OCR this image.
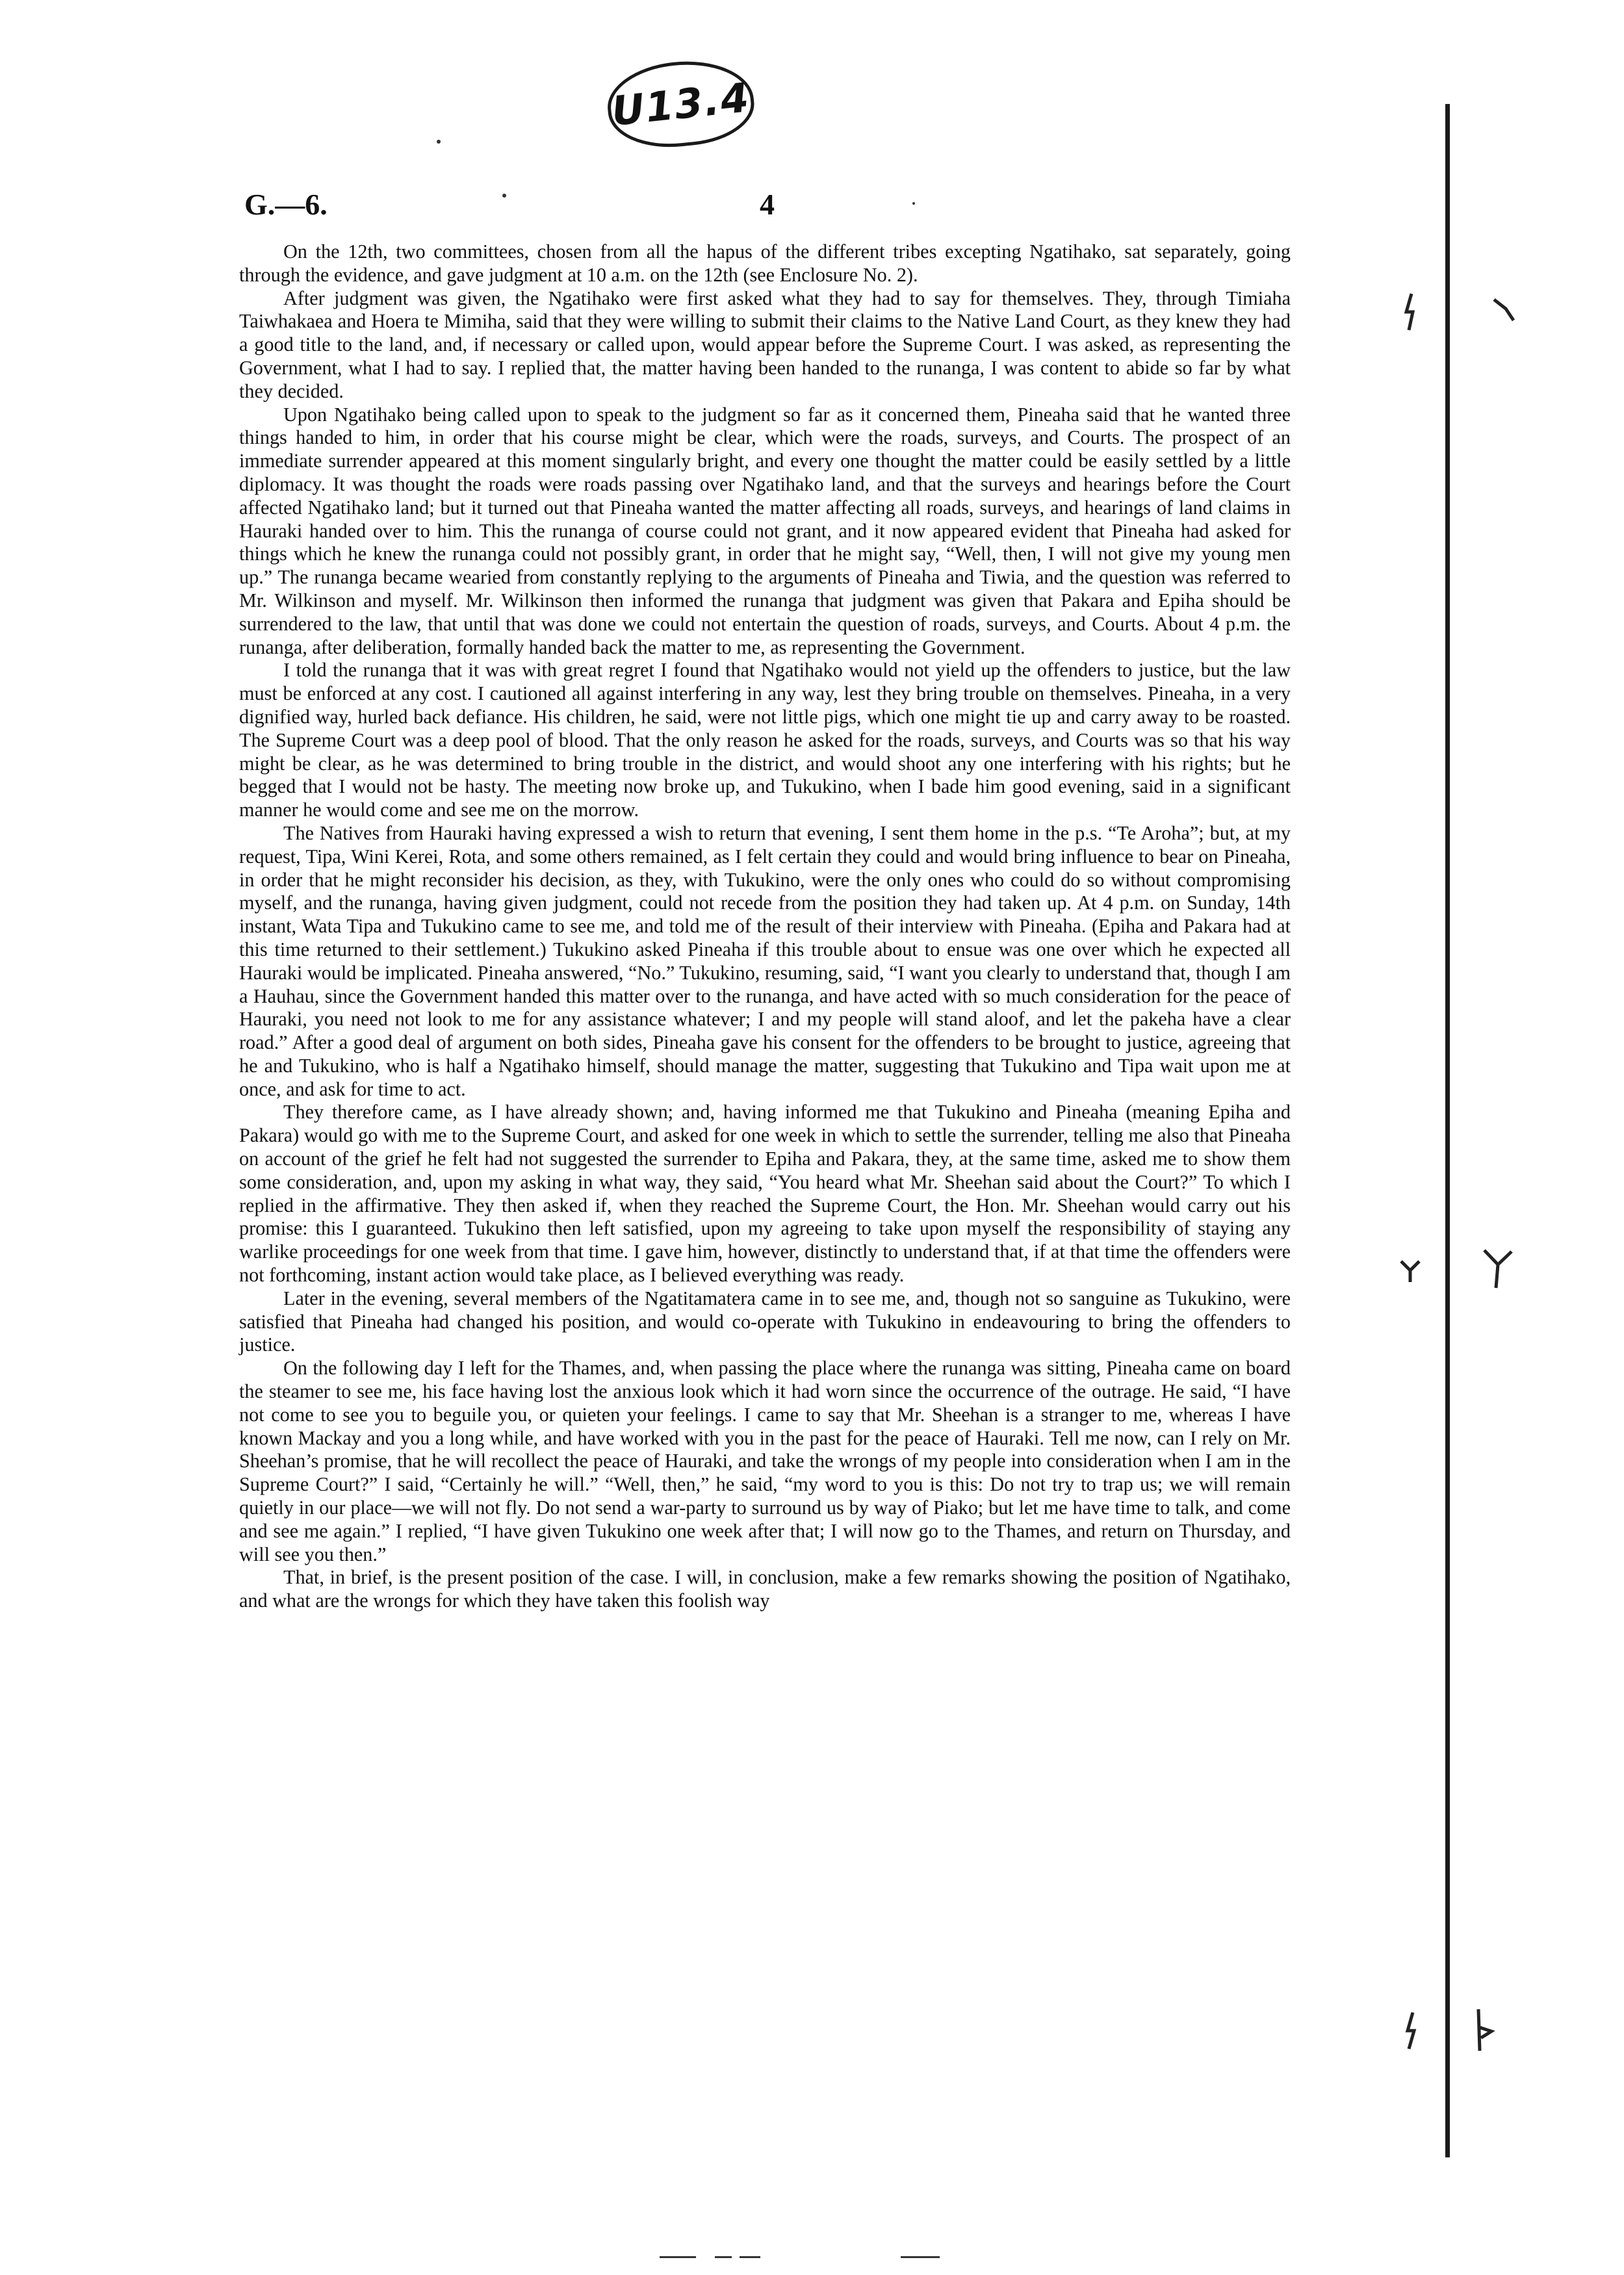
U13.4
G.—6.	4

On the 12th, two committees, chosen from all the hapus of the different tribes excepting Ngatihako, sat separately, going through the evidence, and gave judgment at 10 a.m. on the 12th (see Enclosure No. 2).

After judgment was given, the Ngatihako were first asked what they had to say for themselves. They, through Timiaha Taiwhakaea and Hoera te Mimiha, said that they were willing to submit their claims to the Native Land Court, as they knew they had a good title to the land, and, if necessary or called upon, would appear before the Supreme Court. I was asked, as representing the Government, what I had to say. I replied that, the matter having been handed to the runanga, I was content to abide so far by what they decided.

Upon Ngatihako being called upon to speak to the judgment so far as it concerned them, Pineaha said that he wanted three things handed to him, in order that his course might be clear, which were the roads, surveys, and Courts. The prospect of an immediate surrender appeared at this moment singularly bright, and every one thought the matter could be easily settled by a little diplomacy. It was thought the roads were roads passing over Ngatihako land, and that the surveys and hearings before the Court affected Ngatihako land; but it turned out that Pineaha wanted the matter affecting all roads, surveys, and hearings of land claims in Hauraki handed over to him. This the runanga of course could not grant, and it now appeared evident that Pineaha had asked for things which he knew the runanga could not possibly grant, in order that he might say, “Well, then, I will not give my young men up.” The runanga became wearied from constantly replying to the arguments of Pineaha and Tiwia, and the question was referred to Mr. Wilkinson and myself. Mr. Wilkinson then informed the runanga that judgment was given that Pakara and Epiha should be surrendered to the law, that until that was done we could not entertain the question of roads, surveys, and Courts. About 4 p.m. the runanga, after deliberation, formally handed back the matter to me, as representing the Government.

I told the runanga that it was with great regret I found that Ngatihako would not yield up the offenders to justice, but the law must be enforced at any cost. I cautioned all against interfering in any way, lest they bring trouble on themselves. Pineaha, in a very dignified way, hurled back defiance. His children, he said, were not little pigs, which one might tie up and carry away to be roasted. The Supreme Court was a deep pool of blood. That the only reason he asked for the roads, surveys, and Courts was so that his way might be clear, as he was determined to bring trouble in the district, and would shoot any one interfering with his rights; but he begged that I would not be hasty. The meeting now broke up, and Tukukino, when I bade him good evening, said in a significant manner he would come and see me on the morrow.

The Natives from Hauraki having expressed a wish to return that evening, I sent them home in the p.s. “Te Aroha”; but, at my request, Tipa, Wini Kerei, Rota, and some others remained, as I felt certain they could and would bring influence to bear on Pineaha, in order that he might reconsider his decision, as they, with Tukukino, were the only ones who could do so without compromising myself, and the runanga, having given judgment, could not recede from the position they had taken up. At 4 p.m. on Sunday, 14th instant, Wata Tipa and Tukukino came to see me, and told me of the result of their interview with Pineaha. (Epiha and Pakara had at this time returned to their settlement.) Tukukino asked Pineaha if this trouble about to ensue was one over which he expected all Hauraki would be implicated. Pineaha answered, “No.” Tukukino, resuming, said, “I want you clearly to understand that, though I am a Hauhau, since the Government handed this matter over to the runanga, and have acted with so much consideration for the peace of Hauraki, you need not look to me for any assistance whatever; I and my people will stand aloof, and let the pakeha have a clear road.” After a good deal of argument on both sides, Pineaha gave his consent for the offenders to be brought to justice, agreeing that he and Tukukino, who is half a Ngatihako himself, should manage the matter, suggesting that Tukukino and Tipa wait upon me at once, and ask for time to act.

They therefore came, as I have already shown; and, having informed me that Tukukino and Pineaha (meaning Epiha and Pakara) would go with me to the Supreme Court, and asked for one week in which to settle the surrender, telling me also that Pineaha on account of the grief he felt had not suggested the surrender to Epiha and Pakara, they, at the same time, asked me to show them some consideration, and, upon my asking in what way, they said, “You heard what Mr. Sheehan said about the Court?” To which I replied in the affirmative. They then asked if, when they reached the Supreme Court, the Hon. Mr. Sheehan would carry out his promise: this I guaranteed. Tukukino then left satisfied, upon my agreeing to take upon myself the responsibility of staying any warlike proceedings for one week from that time. I gave him, however, distinctly to understand that, if at that time the offenders were not forthcoming, instant action would take place, as I believed everything was ready.

Later in the evening, several members of the Ngatitamatera came in to see me, and, though not so sanguine as Tukukino, were satisfied that Pineaha had changed his position, and would co-operate with Tukukino in endeavouring to bring the offenders to justice.

On the following day I left for the Thames, and, when passing the place where the runanga was sitting, Pineaha came on board the steamer to see me, his face having lost the anxious look which it had worn since the occurrence of the outrage. He said, “I have not come to see you to beguile you, or quieten your feelings. I came to say that Mr. Sheehan is a stranger to me, whereas I have known Mackay and you a long while, and have worked with you in the past for the peace of Hauraki. Tell me now, can I rely on Mr. Sheehan’s promise, that he will recollect the peace of Hauraki, and take the wrongs of my people into consideration when I am in the Supreme Court?” I said, “Certainly he will.” “Well, then,” he said, “my word to you is this: Do not try to trap us; we will remain quietly in our place—we will not fly. Do not send a war-party to surround us by way of Piako; but let me have time to talk, and come and see me again.” I replied, “I have given Tukukino one week after that; I will now go to the Thames, and return on Thursday, and will see you then.”

That, in brief, is the present position of the case. I will, in conclusion, make a few remarks showing the position of Ngatihako, and what are the wrongs for which they have taken this foolish way
